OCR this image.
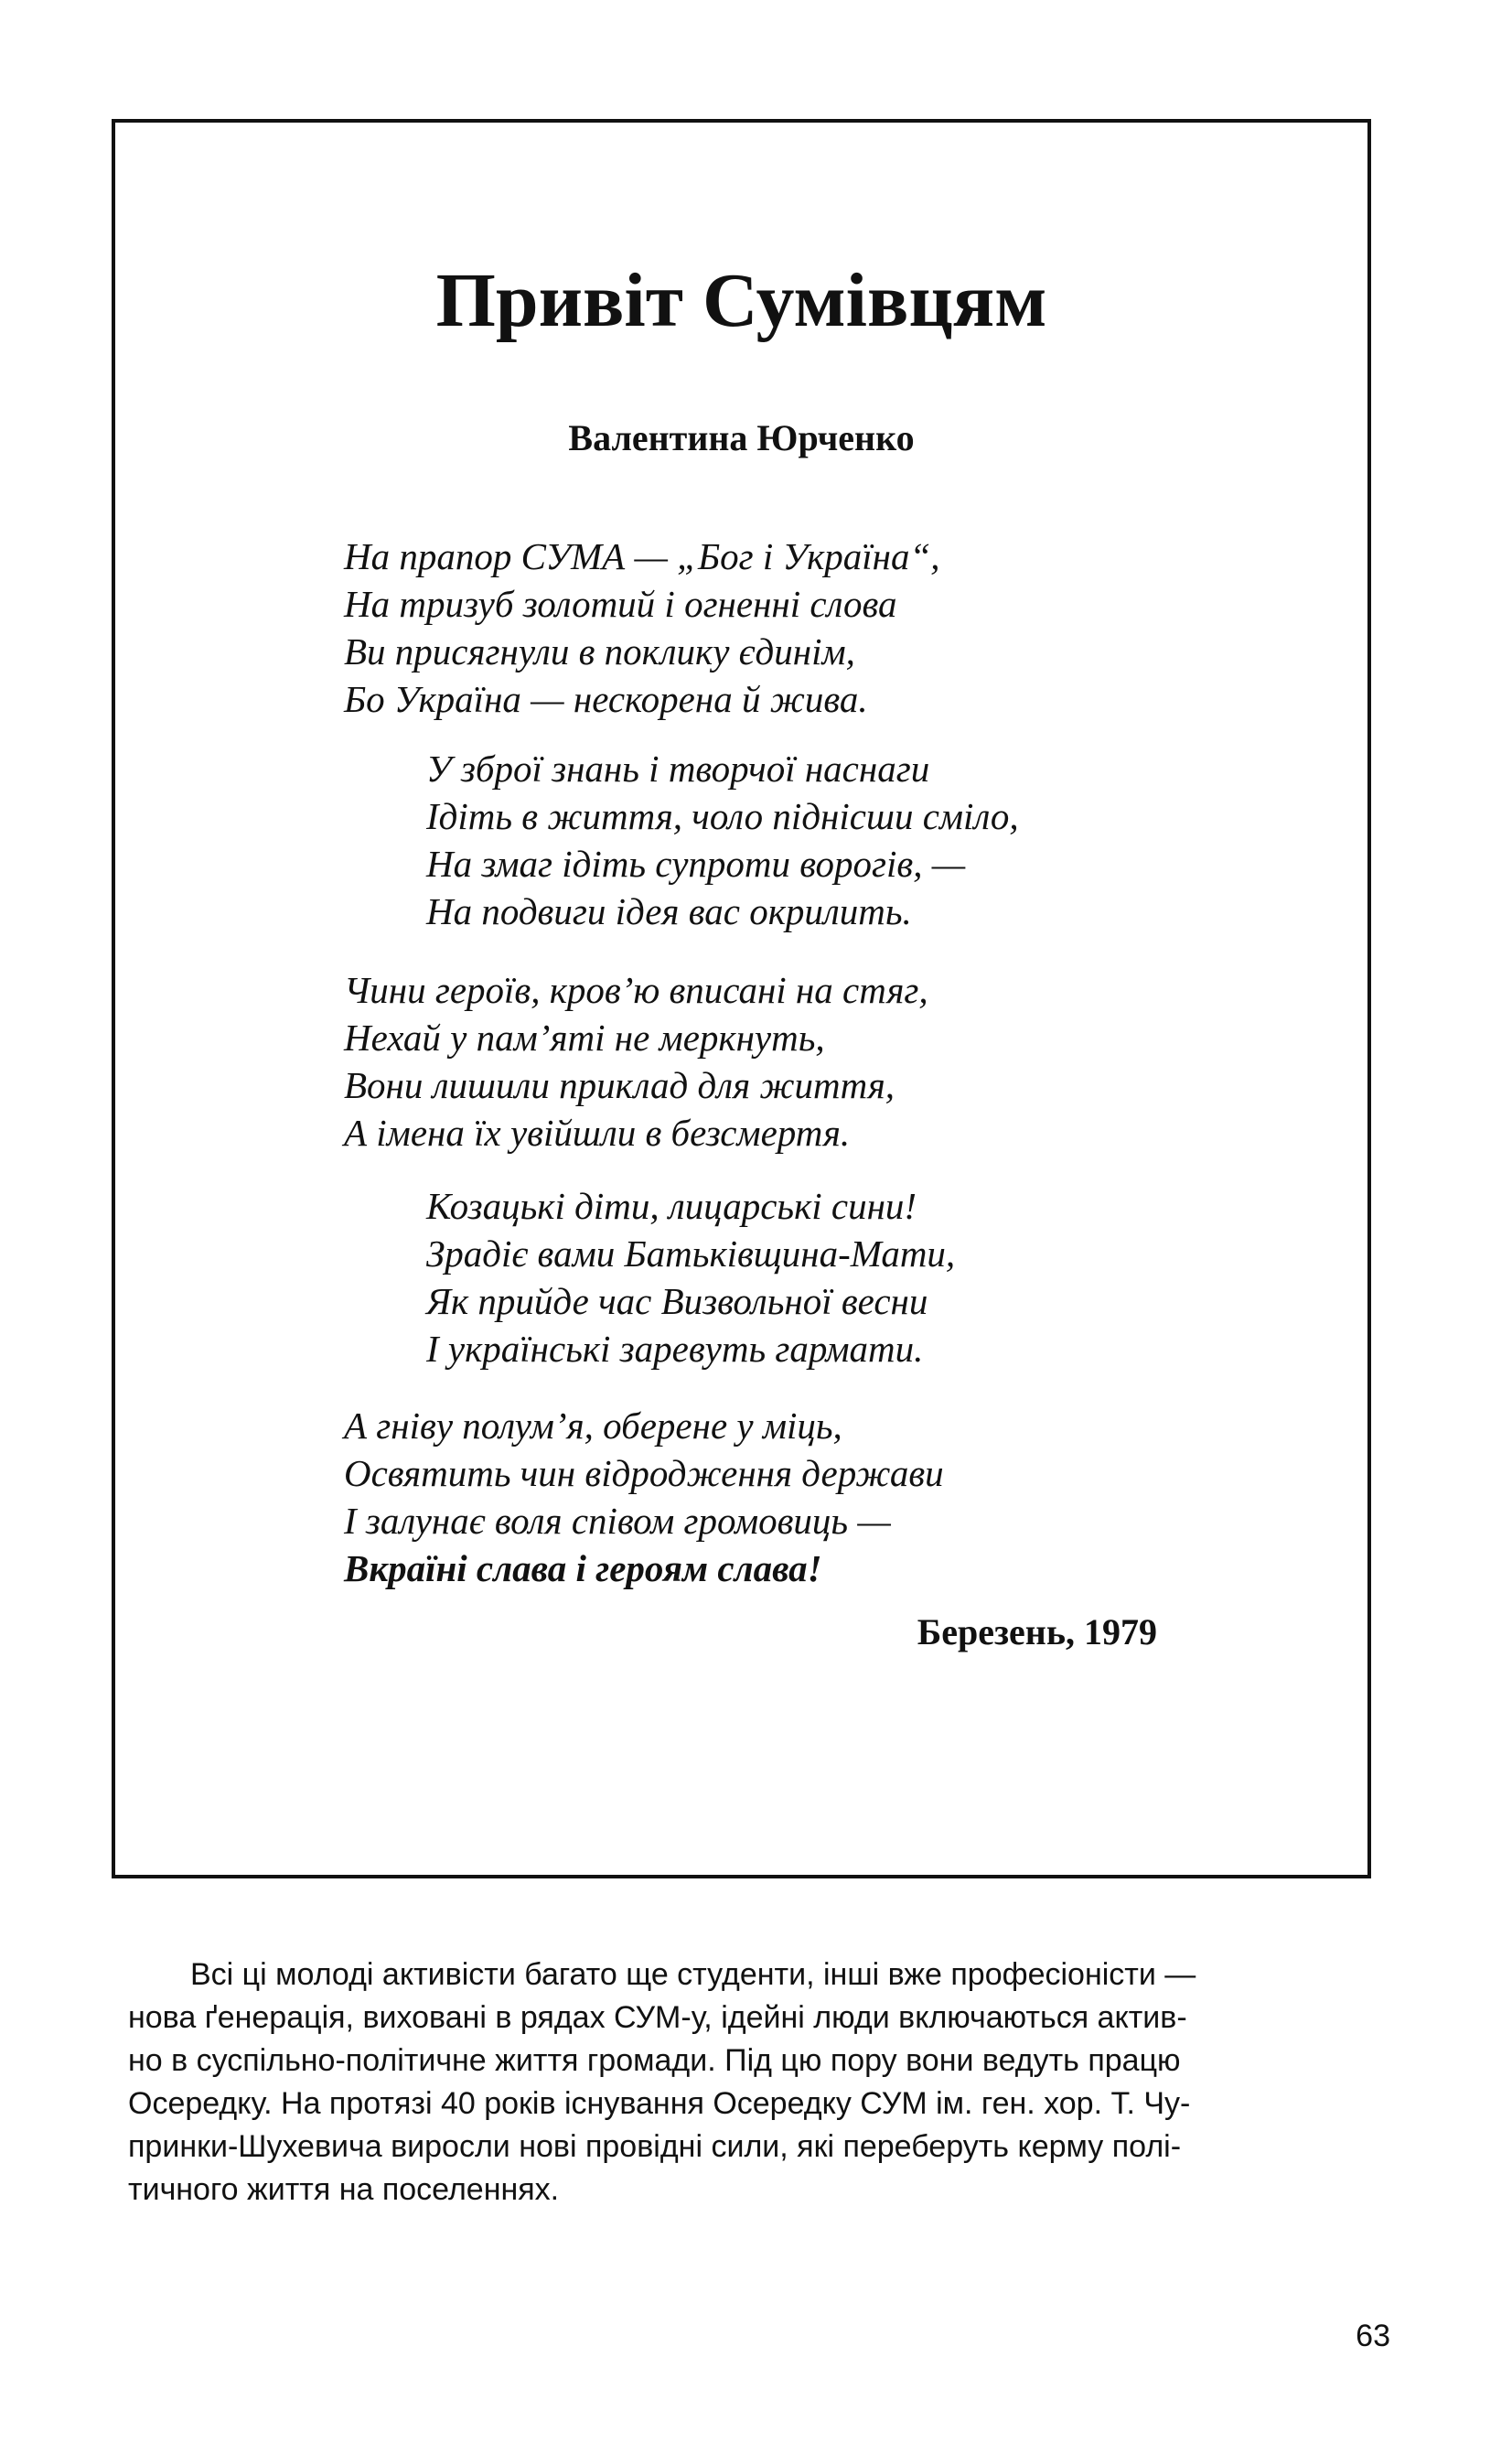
Привіт Сумівцям
Валентина Юрченко
На прапор СУМА — „Бог і Україна“,
На тризуб золотий і огненні слова
Ви присягнули в поклику єдинім,
Бо Україна — нескорена й жива.
У зброї знань і творчої наснаги
Ідіть в життя, чоло піднісши сміло,
На змаг ідіть супроти ворогів, —
На подвиги ідея вас окрилить.
Чини героїв, кров’ю вписані на стяг,
Нехай у пам’яті не меркнуть,
Вони лишили приклад для життя,
А імена їх увійшли в безсмертя.
Козацькі діти, лицарські сини!
Зрадіє вами Батьківщина-Мати,
Як прийде час Визвольної весни
І українські заревуть гармати.
А гніву полум’я, оберене у міць,
Освятить чин відродження держави
І залунає воля співом громовиць —
Вкраїні слава і героям слава!
Березень, 1979
Всі ці молоді активісти багато ще студенти, інші вже професіоністи —
нова ґенерація, виховані в рядах СУМ-у, ідейні люди включаються актив-
но в суспільно-політичне життя громади. Під цю пору вони ведуть працю
Осередку. На протязі 40 років існування Осередку СУМ ім. ген. хор. Т. Чу-
принки-Шухевича виросли нові провідні сили, які переберуть керму полі-
тичного життя на поселеннях.
63
